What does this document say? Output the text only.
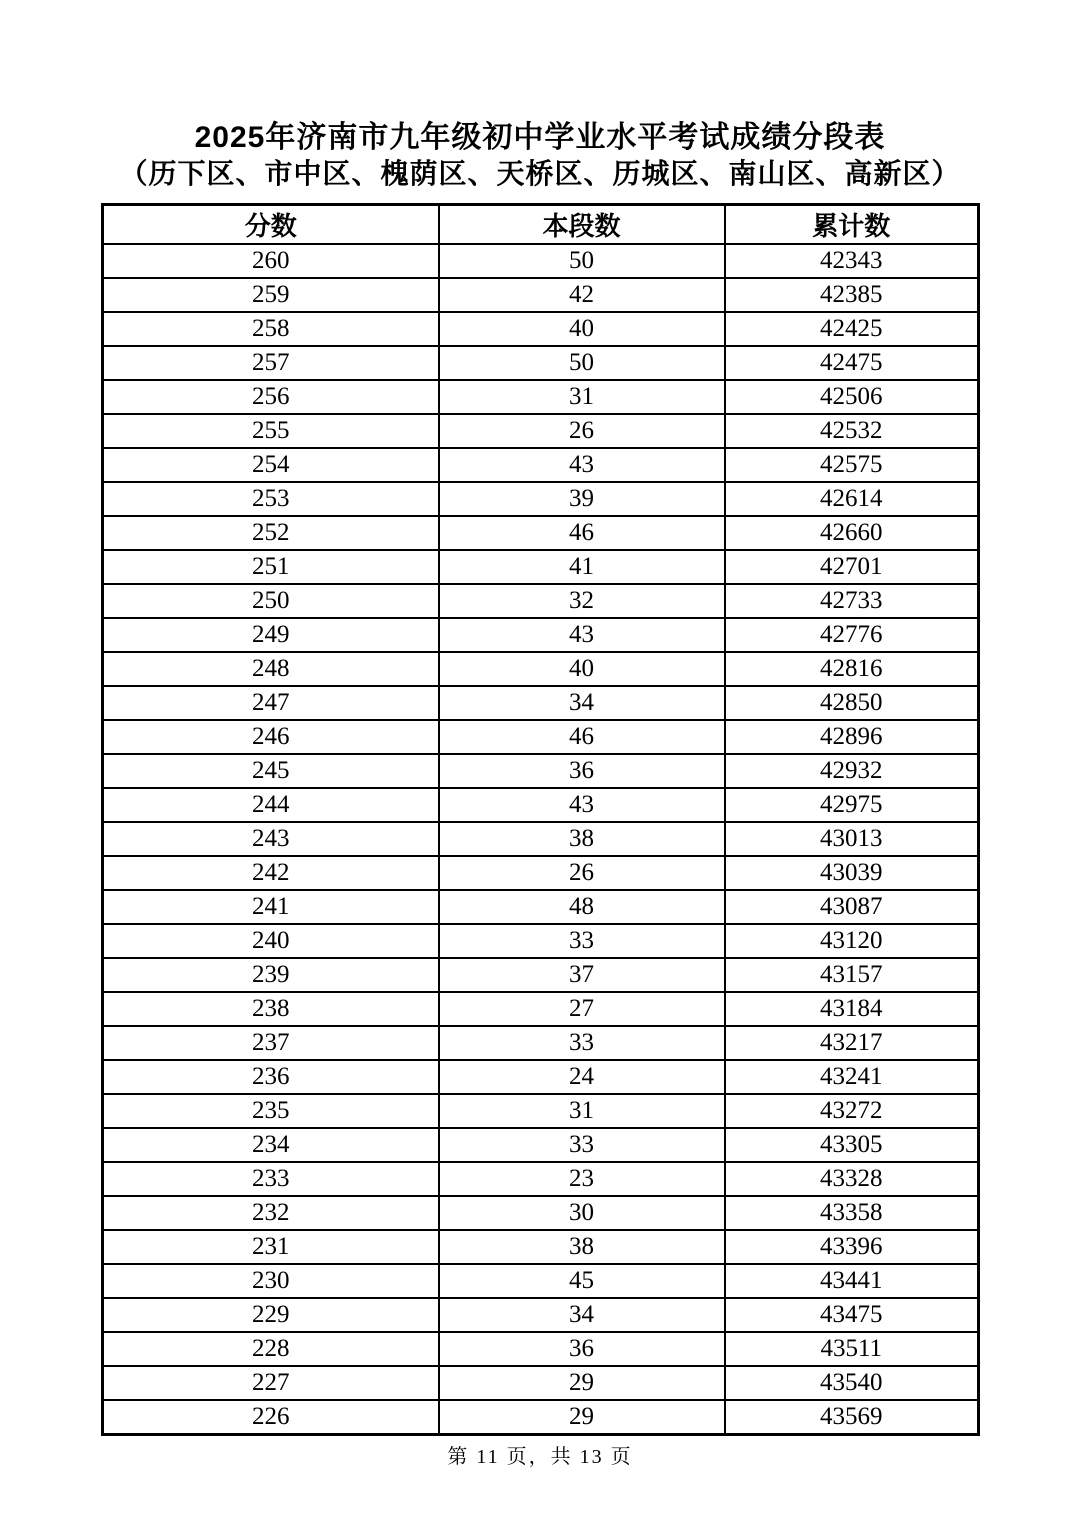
2025年济南市九年级初中学业水平考试成绩分段表
（历下区、市中区、槐荫区、天桥区、历城区、南山区、高新区）
分数	本段数	累计数
260	50	42343
259	42	42385
258	40	42425
257	50	42475
256	31	42506
255	26	42532
254	43	42575
253	39	42614
252	46	42660
251	41	42701
250	32	42733
249	43	42776
248	40	42816
247	34	42850
246	46	42896
245	36	42932
244	43	42975
243	38	43013
242	26	43039
241	48	43087
240	33	43120
239	37	43157
238	27	43184
237	33	43217
236	24	43241
235	31	43272
234	33	43305
233	23	43328
232	30	43358
231	38	43396
230	45	43441
229	34	43475
228	36	43511
227	29	43540
226	29	43569
第 11 页，共 13 页
